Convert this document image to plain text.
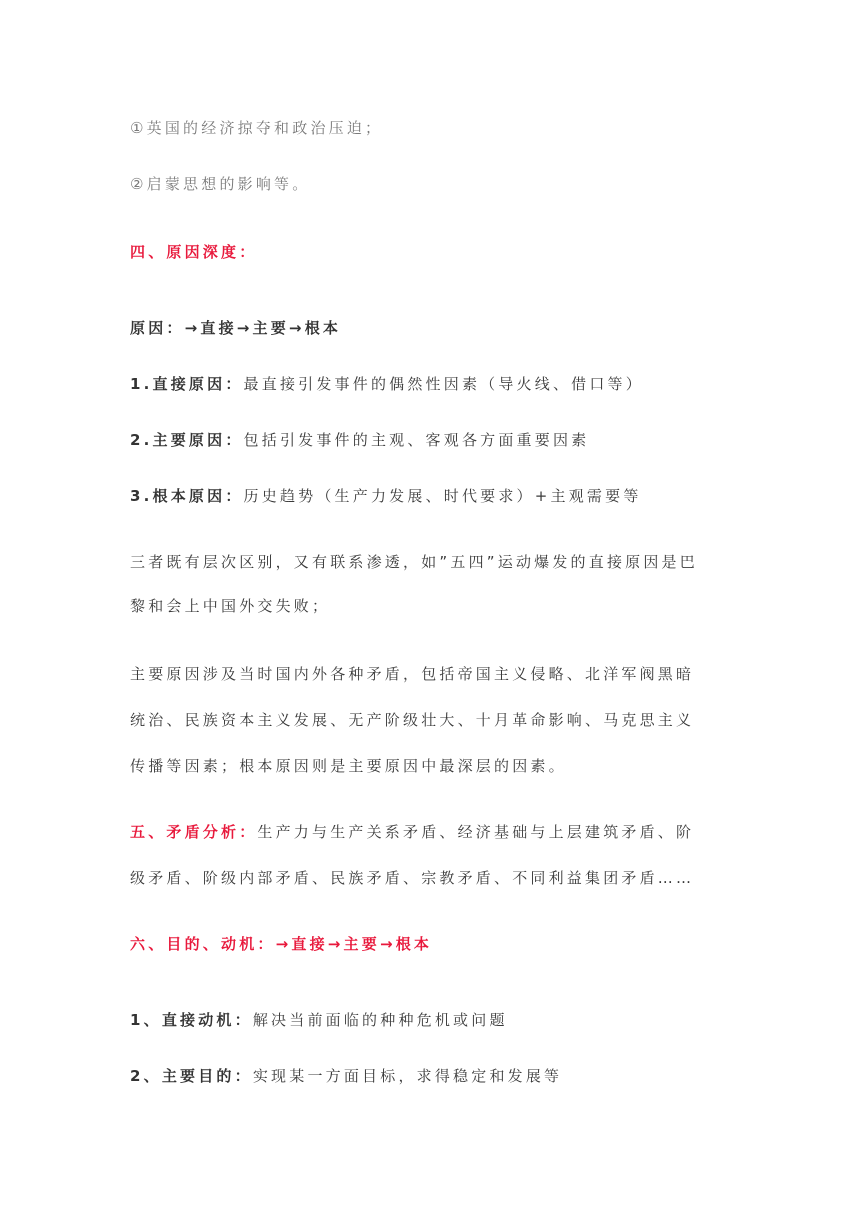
①英国的经济掠夺和政治压迫；
②启蒙思想的影响等。
四、原因深度：
原因：→直接→主要→根本
1.直接原因：最直接引发事件的偶然性因素（导火线、借口等）
2.主要原因：包括引发事件的主观、客观各方面重要因素
3.根本原因：历史趋势（生产力发展、时代要求）+主观需要等
三者既有层次区别，又有联系渗透，如”五四”运动爆发的直接原因是巴
黎和会上中国外交失败；
主要原因涉及当时国内外各种矛盾，包括帝国主义侵略、北洋军阀黑暗
统治、民族资本主义发展、无产阶级壮大、十月革命影响、马克思主义
传播等因素；根本原因则是主要原因中最深层的因素。
五、矛盾分析：生产力与生产关系矛盾、经济基础与上层建筑矛盾、阶
级矛盾、阶级内部矛盾、民族矛盾、宗教矛盾、不同利益集团矛盾……
六、目的、动机：→直接→主要→根本
1、直接动机：解决当前面临的种种危机或问题
2、主要目的：实现某一方面目标，求得稳定和发展等
